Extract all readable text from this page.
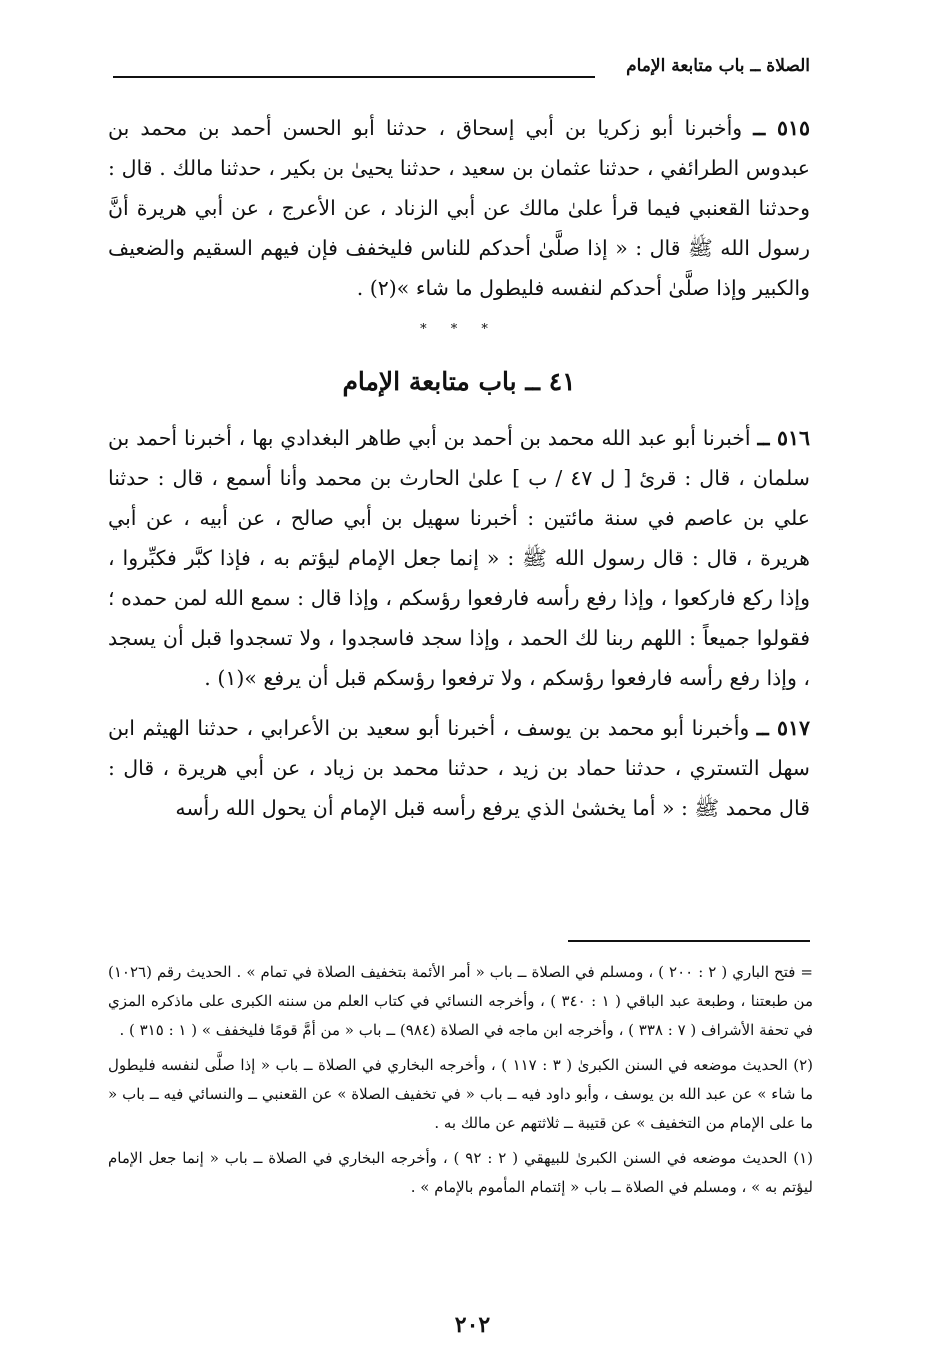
الصلاة ــ باب متابعة الإمام

٥١٥ ــ وأخبرنا أبو زكريا بن أبي إسحاق ، حدثنا أبو الحسن أحمد بن محمد بن عبدوس الطرائفي ، حدثنا عثمان بن سعيد ، حدثنا يحيىٰ بن بكير ، حدثنا مالك . قال : وحدثنا القعنبي فيما قرأ علىٰ مالك عن أبي الزناد ، عن الأعرج ، عن أبي هريرة أنَّ رسول الله ﷺ قال : « إذا صلَّىٰ أحدكم للناس فليخفف فإن فيهم السقيم والضعيف والكبير وإذا صلَّىٰ أحدكم لنفسه فليطول ما شاء »(٢) .

* * *
٤١ ــ باب متابعة الإمام

٥١٦ ــ أخبرنا أبو عبد الله محمد بن أحمد بن أبي طاهر البغدادي بها ، أخبرنا أحمد بن سلمان ، قال : قرئ [ ل ٤٧ / ب ] علىٰ الحارث بن محمد وأنا أسمع ، قال : حدثنا علي بن عاصم في سنة مائتين : أخبرنا سهيل بن أبي صالح ، عن أبيه ، عن أبي هريرة ، قال : قال رسول الله ﷺ : « إنما جعل الإمام ليؤتم به ، فإذا كبَّر فكبِّروا ، وإذا ركع فاركعوا ، وإذا رفع رأسه فارفعوا رؤسكم ، وإذا قال : سمع الله لمن حمده ؛ فقولوا جميعاً : اللهم ربنا لك الحمد ، وإذا سجد فاسجدوا ، ولا تسجدوا قبل أن يسجد ، وإذا رفع رأسه فارفعوا رؤسكم ، ولا ترفعوا رؤسكم قبل أن يرفع »(١) .

٥١٧ ــ وأخبرنا أبو محمد بن يوسف ، أخبرنا أبو سعيد بن الأعرابي ، حدثنا الهيثم ابن سهل التستري ، حدثنا حماد بن زيد ، حدثنا محمد بن زياد ، عن أبي هريرة ، قال : قال محمد ﷺ : « أما يخشىٰ الذي يرفع رأسه قبل الإمام أن يحول الله رأسه

= فتح الباري ( ٢ : ٢٠٠ ) ، ومسلم في الصلاة ــ باب « أمر الأئمة بتخفيف الصلاة في تمام » . الحديث رقم (١٠٢٦) من طبعتنا ، وطبعة عبد الباقي ( ١ : ٣٤٠ ) ، وأخرجه النسائي في كتاب العلم من سننه الكبرى على ماذكره المزي في تحفة الأشراف ( ٧ : ٣٣٨ ) ، وأخرجه ابن ماجه في الصلاة (٩٨٤) ــ باب « من أمَّ قومًا فليخفف » ( ١ : ٣١٥ ) .

(٢) الحديث موضعه في السنن الكبرىٰ ( ٣ : ١١٧ ) ، وأخرجه البخاري في الصلاة ــ باب « إذا صلَّى لنفسه فليطول ما شاء » عن عبد الله بن يوسف ، وأبو داود فيه ــ باب « في تخفيف الصلاة » عن القعنبي ــ والنسائي فيه ــ باب « ما على الإمام من التخفيف » عن قتيبة ــ ثلاثتهم عن مالك به .

(١) الحديث موضعه في السنن الكبرىٰ للبيهقي ( ٢ : ٩٢ ) ، وأخرجه البخاري في الصلاة ــ باب « إنما جعل الإمام ليؤتم به » ، ومسلم في الصلاة ــ باب « إئتمام المأموم بالإمام » .

٢٠٢
